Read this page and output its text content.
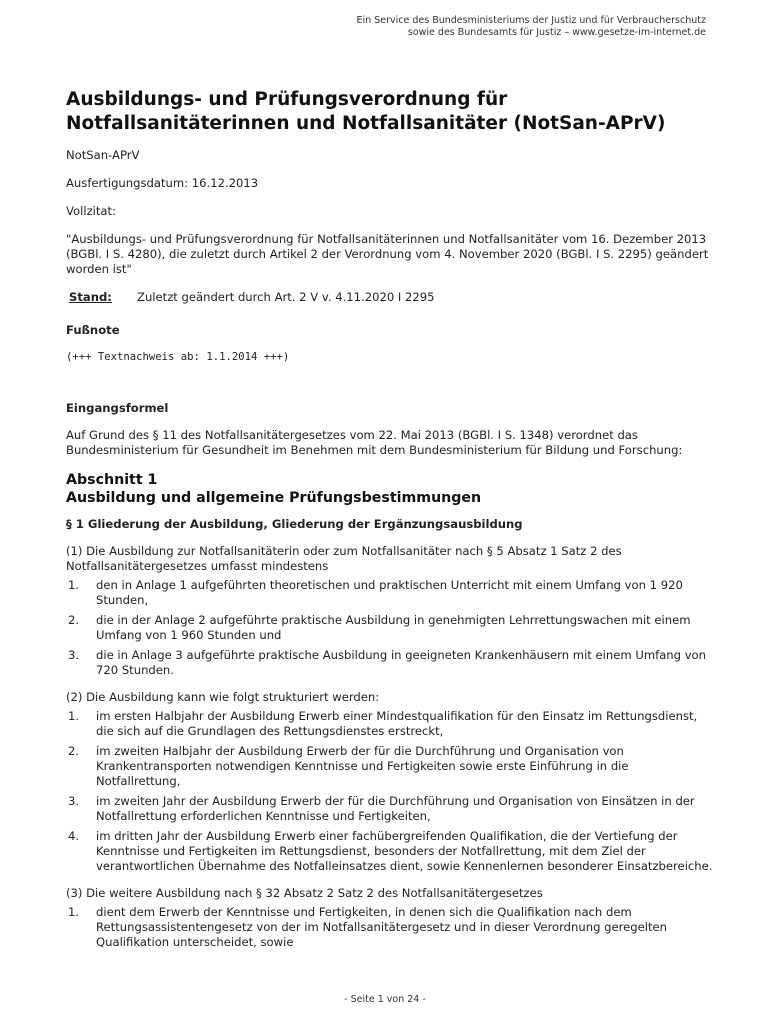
Ein Service des Bundesministeriums der Justiz und für Verbraucherschutz
sowie des Bundesamts für Justiz – www.gesetze-im-internet.de
Ausbildungs- und Prüfungsverordnung für Notfallsanitäterinnen und Notfallsanitäter (NotSan-APrV)
NotSan-APrV
Ausfertigungsdatum: 16.12.2013
Vollzitat:
"Ausbildungs- und Prüfungsverordnung für Notfallsanitäterinnen und Notfallsanitäter vom 16. Dezember 2013 (BGBl. I S. 4280), die zuletzt durch Artikel 2 der Verordnung vom 4. November 2020 (BGBl. I S. 2295) geändert worden ist"
Stand:	Zuletzt geändert durch Art. 2 V v. 4.11.2020 I 2295
Fußnote
(+++ Textnachweis ab: 1.1.2014 +++)
Eingangsformel
Auf Grund des § 11 des Notfallsanitätergesetzes vom 22. Mai 2013 (BGBl. I S. 1348) verordnet das Bundesministerium für Gesundheit im Benehmen mit dem Bundesministerium für Bildung und Forschung:
Abschnitt 1
Ausbildung und allgemeine Prüfungsbestimmungen
§ 1 Gliederung der Ausbildung, Gliederung der Ergänzungsausbildung
(1) Die Ausbildung zur Notfallsanitäterin oder zum Notfallsanitäter nach § 5 Absatz 1 Satz 2 des Notfallsanitätergesetzes umfasst mindestens
1.	den in Anlage 1 aufgeführten theoretischen und praktischen Unterricht mit einem Umfang von 1 920 Stunden,
2.	die in der Anlage 2 aufgeführte praktische Ausbildung in genehmigten Lehrrettungswachen mit einem Umfang von 1 960 Stunden und
3.	die in Anlage 3 aufgeführte praktische Ausbildung in geeigneten Krankenhäusern mit einem Umfang von 720 Stunden.
(2) Die Ausbildung kann wie folgt strukturiert werden:
1.	im ersten Halbjahr der Ausbildung Erwerb einer Mindestqualifikation für den Einsatz im Rettungsdienst, die sich auf die Grundlagen des Rettungsdienstes erstreckt,
2.	im zweiten Halbjahr der Ausbildung Erwerb der für die Durchführung und Organisation von Krankentransporten notwendigen Kenntnisse und Fertigkeiten sowie erste Einführung in die Notfallrettung,
3.	im zweiten Jahr der Ausbildung Erwerb der für die Durchführung und Organisation von Einsätzen in der Notfallrettung erforderlichen Kenntnisse und Fertigkeiten,
4.	im dritten Jahr der Ausbildung Erwerb einer fachübergreifenden Qualifikation, die der Vertiefung der Kenntnisse und Fertigkeiten im Rettungsdienst, besonders der Notfallrettung, mit dem Ziel der verantwortlichen Übernahme des Notfalleinsatzes dient, sowie Kennenlernen besonderer Einsatzbereiche.
(3) Die weitere Ausbildung nach § 32 Absatz 2 Satz 2 des Notfallsanitätergesetzes
1.	dient dem Erwerb der Kenntnisse und Fertigkeiten, in denen sich die Qualifikation nach dem Rettungsassistentengesetz von der im Notfallsanitätergesetz und in dieser Verordnung geregelten Qualifikation unterscheidet, sowie
- Seite 1 von 24 -
